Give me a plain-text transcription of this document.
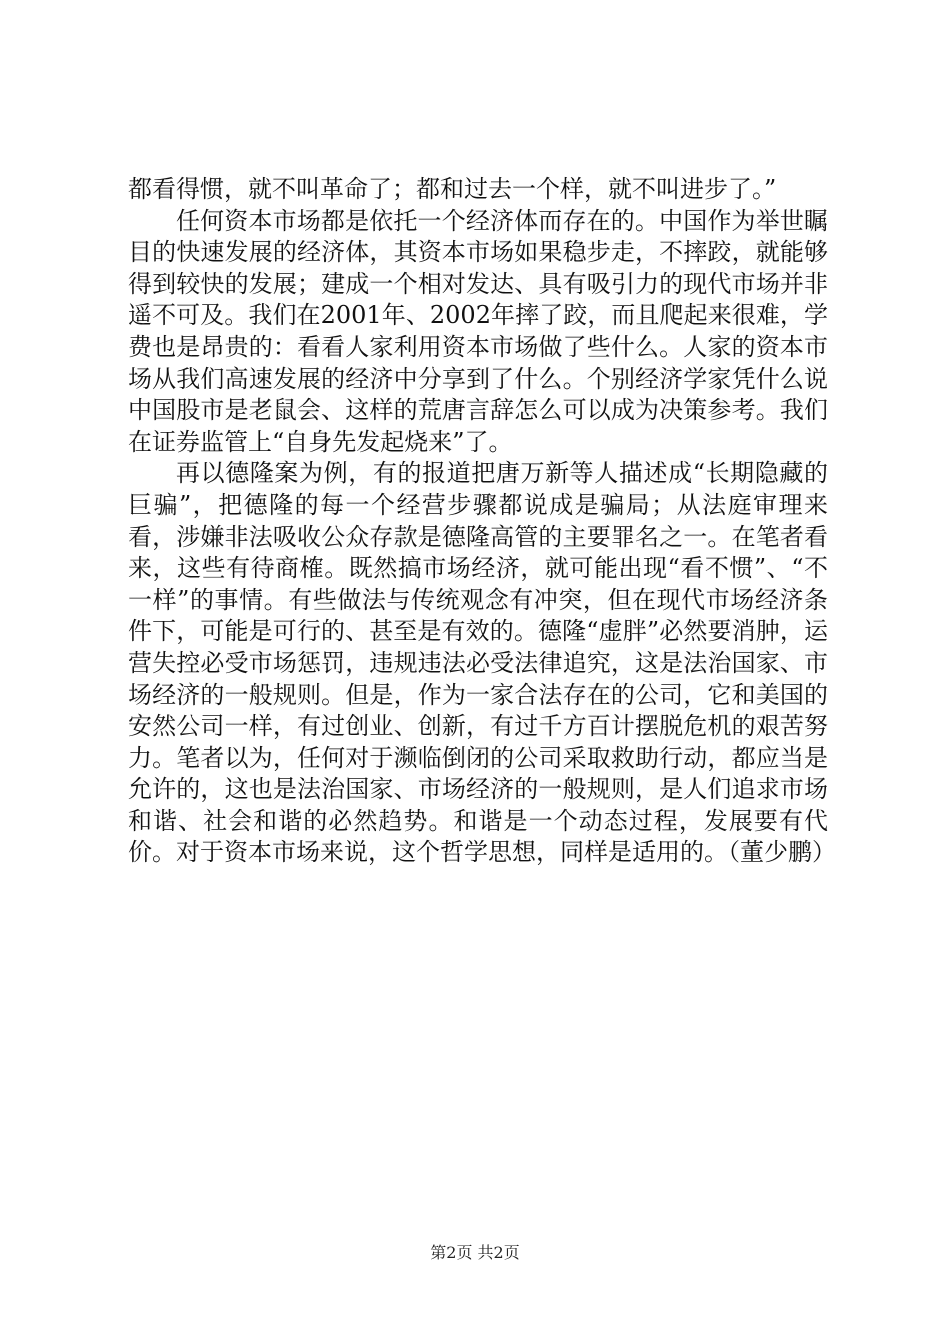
都看得惯，就不叫革命了；都和过去一个样，就不叫进步了。”

任何资本市场都是依托一个经济体而存在的。中国作为举世瞩目的快速发展的经济体，其资本市场如果稳步走，不摔跤，就能够得到较快的发展；建成一个相对发达、具有吸引力的现代市场并非遥不可及。我们在2001年、2002年摔了跤，而且爬起来很难，学费也是昂贵的：看看人家利用资本市场做了些什么。人家的资本市场从我们高速发展的经济中分享到了什么。个别经济学家凭什么说中国股市是老鼠会、这样的荒唐言辞怎么可以成为决策参考。我们在证券监管上“自身先发起烧来”了。

再以德隆案为例，有的报道把唐万新等人描述成“长期隐藏的巨骗”，把德隆的每一个经营步骤都说成是骗局；从法庭审理来看，涉嫌非法吸收公众存款是德隆高管的主要罪名之一。在笔者看来，这些有待商榷。既然搞市场经济，就可能出现“看不惯”、“不一样”的事情。有些做法与传统观念有冲突，但在现代市场经济条件下，可能是可行的、甚至是有效的。德隆“虚胖”必然要消肿，运营失控必受市场惩罚，违规违法必受法律追究，这是法治国家、市场经济的一般规则。但是，作为一家合法存在的公司，它和美国的安然公司一样，有过创业、创新，有过千方百计摆脱危机的艰苦努力。笔者以为，任何对于濒临倒闭的公司采取救助行动，都应当是允许的，这也是法治国家、市场经济的一般规则，是人们追求市场和谐、社会和谐的必然趋势。和谐是一个动态过程，发展要有代价。对于资本市场来说，这个哲学思想，同样是适用的。（董少鹏）

第2页 共2页
